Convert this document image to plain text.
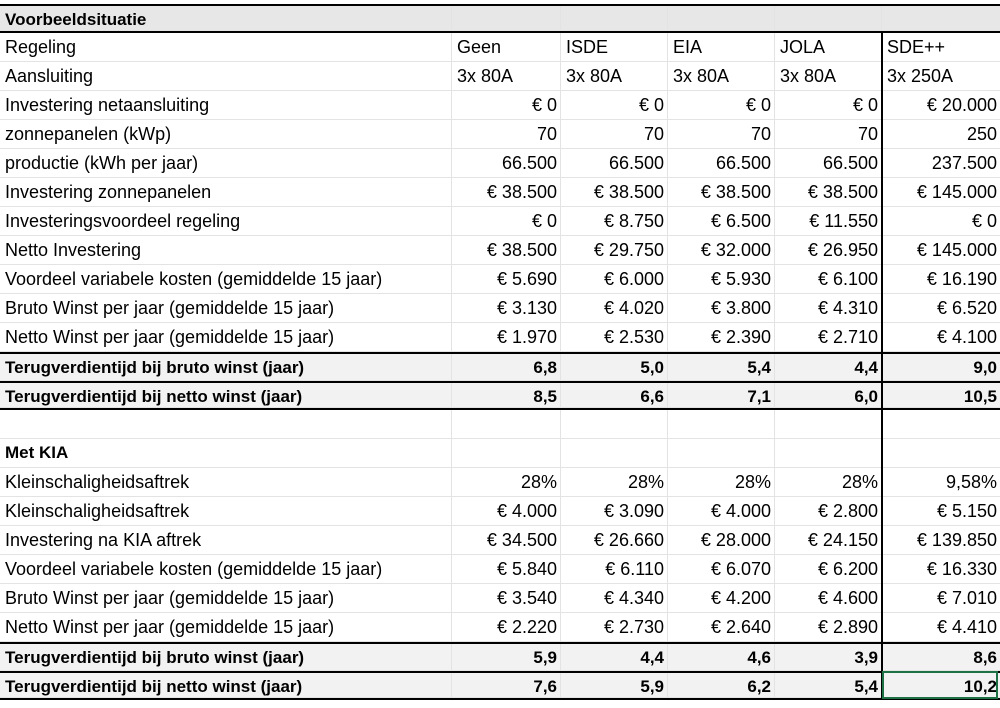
Voorbeeldsituatie
Regeling	Geen	ISDE	EIA	JOLA	SDE++
Aansluiting	3x 80A	3x 80A	3x 80A	3x 80A	3x 250A
Investering netaansluiting	€ 0	€ 0	€ 0	€ 0	€ 20.000
zonnepanelen (kWp)	70	70	70	70	250
productie (kWh per jaar)	66.500	66.500	66.500	66.500	237.500
Investering zonnepanelen	€ 38.500	€ 38.500	€ 38.500	€ 38.500	€ 145.000
Investeringsvoordeel regeling	€ 0	€ 8.750	€ 6.500	€ 11.550	€ 0
Netto Investering	€ 38.500	€ 29.750	€ 32.000	€ 26.950	€ 145.000
Voordeel variabele kosten (gemiddelde 15 jaar)	€ 5.690	€ 6.000	€ 5.930	€ 6.100	€ 16.190
Bruto Winst per jaar (gemiddelde 15 jaar)	€ 3.130	€ 4.020	€ 3.800	€ 4.310	€ 6.520
Netto Winst per jaar (gemiddelde 15 jaar)	€ 1.970	€ 2.530	€ 2.390	€ 2.710	€ 4.100
Terugverdientijd bij bruto winst (jaar)	6,8	5,0	5,4	4,4	9,0
Terugverdientijd bij netto winst (jaar)	8,5	6,6	7,1	6,0	10,5
Met KIA
Kleinschaligheidsaftrek	28%	28%	28%	28%	9,58%
Kleinschaligheidsaftrek	€ 4.000	€ 3.090	€ 4.000	€ 2.800	€ 5.150
Investering na KIA aftrek	€ 34.500	€ 26.660	€ 28.000	€ 24.150	€ 139.850
Voordeel variabele kosten (gemiddelde 15 jaar)	€ 5.840	€ 6.110	€ 6.070	€ 6.200	€ 16.330
Bruto Winst per jaar (gemiddelde 15 jaar)	€ 3.540	€ 4.340	€ 4.200	€ 4.600	€ 7.010
Netto Winst per jaar (gemiddelde 15 jaar)	€ 2.220	€ 2.730	€ 2.640	€ 2.890	€ 4.410
Terugverdientijd bij bruto winst (jaar)	5,9	4,4	4,6	3,9	8,6
Terugverdientijd bij netto winst (jaar)	7,6	5,9	6,2	5,4	10,2
